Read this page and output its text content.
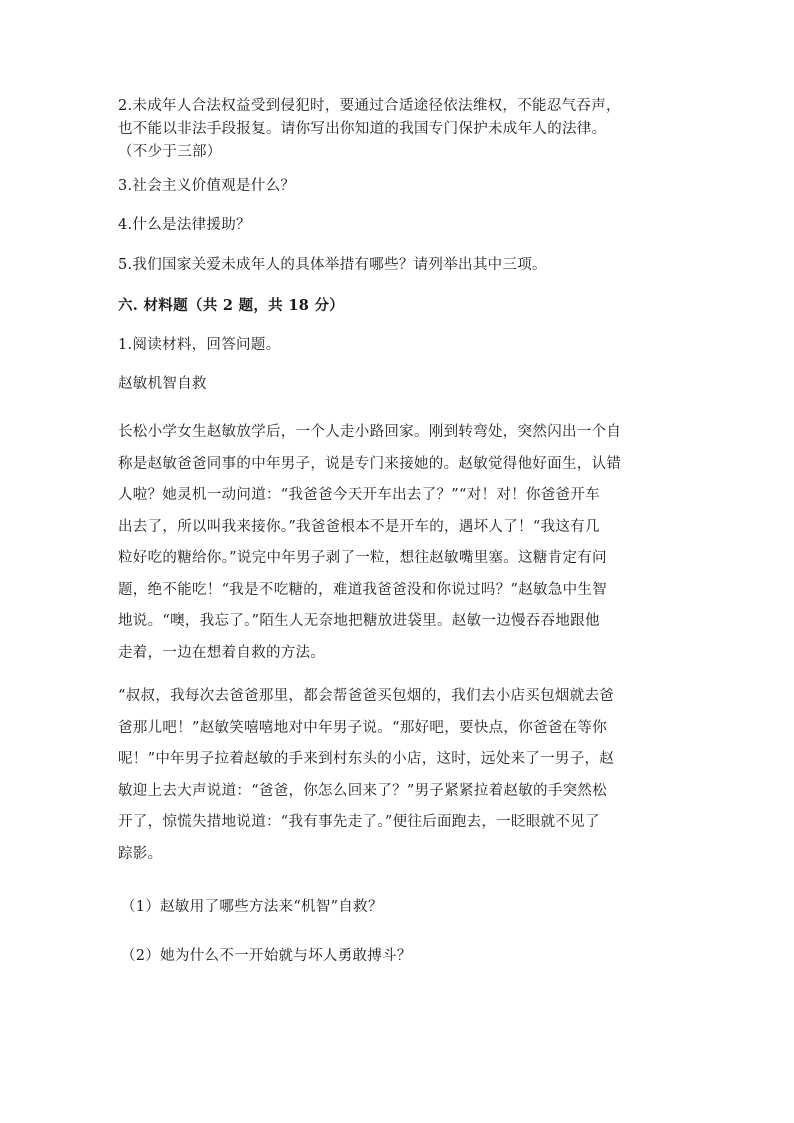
2.未成年人合法权益受到侵犯时，要通过合适途径依法维权，不能忍气吞声，
也不能以非法手段报复。请你写出你知道的我国专门保护未成年人的法律。
（不少于三部）
3.社会主义价值观是什么？
4.什么是法律援助？
5.我们国家关爱未成年人的具体举措有哪些？请列举出其中三项。
六. 材料题（共 2 题，共 18 分）
1.阅读材料，回答问题。
赵敏机智自救
长松小学女生赵敏放学后，一个人走小路回家。刚到转弯处，突然闪出一个自
称是赵敏爸爸同事的中年男子，说是专门来接她的。赵敏觉得他好面生，认错
人啦？她灵机一动问道：“我爸爸今天开车出去了？”“对！对！你爸爸开车
出去了，所以叫我来接你。”我爸爸根本不是开车的，遇坏人了！“我这有几
粒好吃的糖给你。”说完中年男子剥了一粒，想往赵敏嘴里塞。这糖肯定有问
题，绝不能吃！“我是不吃糖的，难道我爸爸没和你说过吗？”赵敏急中生智
地说。“噢，我忘了。”陌生人无奈地把糖放进袋里。赵敏一边慢吞吞地跟他
走着，一边在想着自救的方法。
“叔叔，我每次去爸爸那里，都会帮爸爸买包烟的，我们去小店买包烟就去爸
爸那儿吧！”赵敏笑嘻嘻地对中年男子说。“那好吧，要快点，你爸爸在等你
呢！”中年男子拉着赵敏的手来到村东头的小店，这时，远处来了一男子，赵
敏迎上去大声说道：“爸爸，你怎么回来了？”男子紧紧拉着赵敏的手突然松
开了，惊慌失措地说道：“我有事先走了。”便往后面跑去，一眨眼就不见了
踪影。
（1）赵敏用了哪些方法来“机智”自救？
（2）她为什么不一开始就与坏人勇敢搏斗？
